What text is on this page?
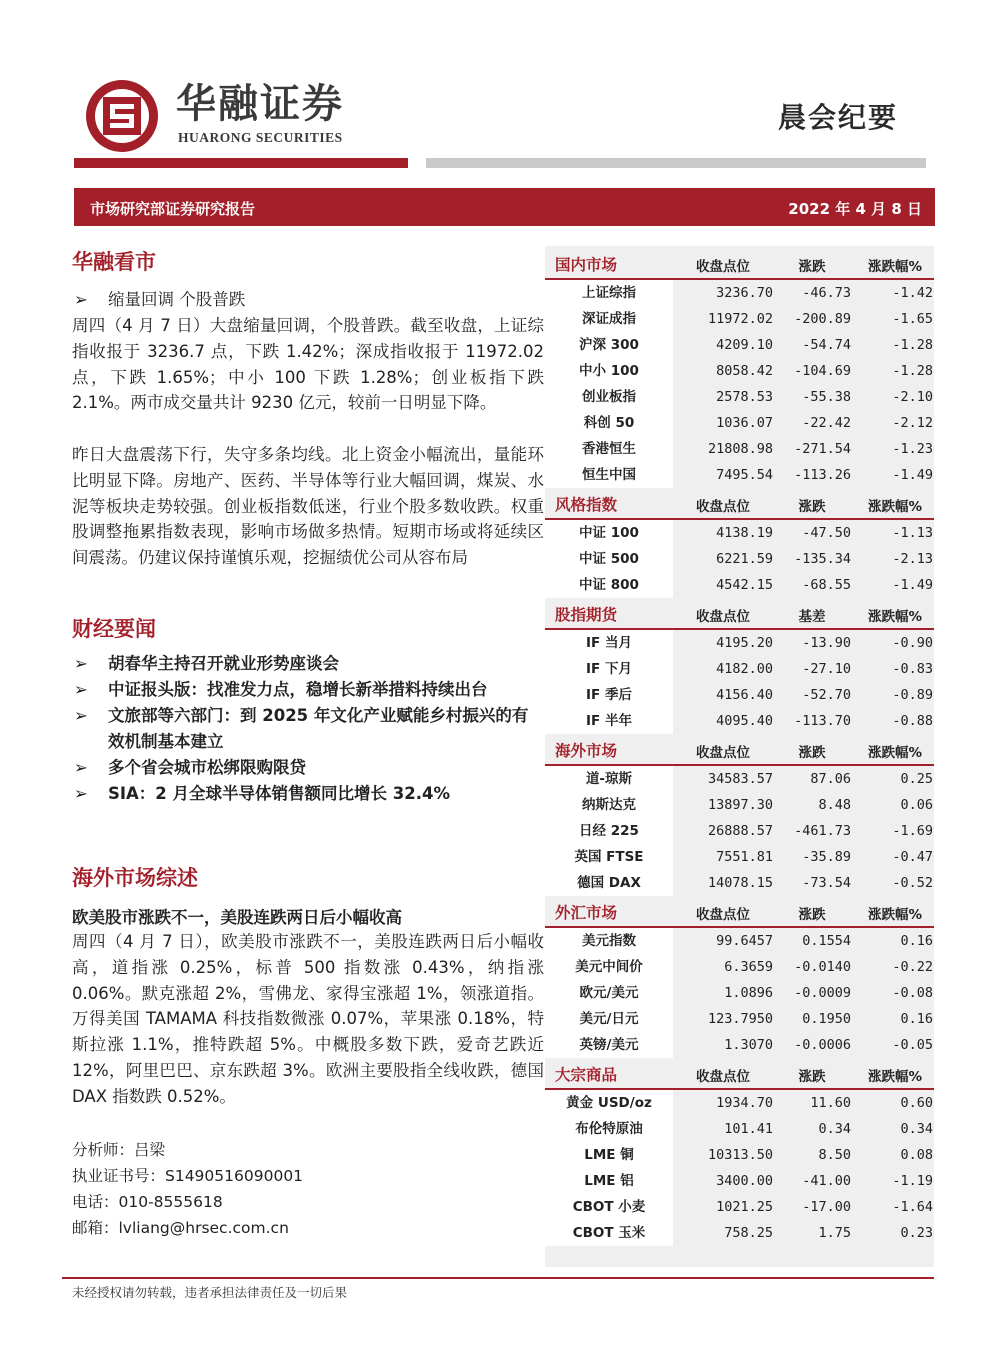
华融证券
HUARONG SECURITIES
晨会纪要
市场研究部证券研究报告	2022 年 4 月 8 日
华融看市
➢ 缩量回调 个股普跌

周四（4 月 7 日）大盘缩量回调，个股普跌。截至收盘，上证综指收报于 3236.7 点，下跌 1.42%；深成指收报于 11972.02 点，下跌 1.65%；中小 100 下跌 1.28%；创业板指下跌 2.1%。两市成交量共计 9230 亿元，较前一日明显下降。

昨日大盘震荡下行，失守多条均线。北上资金小幅流出，量能环比明显下降。房地产、医药、半导体等行业大幅回调，煤炭、水泥等板块走势较强。创业板指数低迷，行业个股多数收跌。权重股调整拖累指数表现，影响市场做多热情。短期市场或将延续区间震荡。仍建议保持谨慎乐观，挖掘绩优公司从容布局

财经要闻
➢ 胡春华主持召开就业形势座谈会
➢ 中证报头版：找准发力点，稳增长新举措料持续出台
➢ 文旅部等六部门：到 2025 年文化产业赋能乡村振兴的有效机制基本建立
➢ 多个省会城市松绑限购限贷
➢ SIA：2 月全球半导体销售额同比增长 32.4%
海外市场综述
欧美股市涨跌不一，美股连跌两日后小幅收高

周四（4 月 7 日），欧美股市涨跌不一，美股连跌两日后小幅收高，道指涨 0.25%，标普 500 指数涨 0.43%，纳指涨 0.06%。默克涨超 2%，雪佛龙、家得宝涨超 1%，领涨道指。万得美国 TAMAMA 科技指数微涨 0.07%，苹果涨 0.18%，特斯拉涨 1.1%，推特跌超 5%。中概股多数下跌，爱奇艺跌近 12%，阿里巴巴、京东跌超 3%。欧洲主要股指全线收跌，德国 DAX 指数跌 0.52%。

分析师：吕梁
执业证书号：S1490516090001
电话：010-8555618
邮箱：lvliang@hrsec.com.cn
国内市场	收盘点位	涨跌	涨跌幅%
上证综指	3236.70	-46.73	-1.42
深证成指	11972.02	-200.89	-1.65
沪深 300	4209.10	-54.74	-1.28
中小 100	8058.42	-104.69	-1.28
创业板指	2578.53	-55.38	-2.10
科创 50	1036.07	-22.42	-2.12
香港恒生	21808.98	-271.54	-1.23
恒生中国	7495.54	-113.26	-1.49
风格指数	收盘点位	涨跌	涨跌幅%
中证 100	4138.19	-47.50	-1.13
中证 500	6221.59	-135.34	-2.13
中证 800	4542.15	-68.55	-1.49
股指期货	收盘点位	基差	涨跌幅%
IF 当月	4195.20	-13.90	-0.90
IF 下月	4182.00	-27.10	-0.83
IF 季后	4156.40	-52.70	-0.89
IF 半年	4095.40	-113.70	-0.88
海外市场	收盘点位	涨跌	涨跌幅%
道-琼斯	34583.57	87.06	0.25
纳斯达克	13897.30	8.48	0.06
日经 225	26888.57	-461.73	-1.69
英国 FTSE	7551.81	-35.89	-0.47
德国 DAX	14078.15	-73.54	-0.52
外汇市场	收盘点位	涨跌	涨跌幅%
美元指数	99.6457	0.1554	0.16
美元中间价	6.3659	-0.0140	-0.22
欧元/美元	1.0896	-0.0009	-0.08
美元/日元	123.7950	0.1950	0.16
英镑/美元	1.3070	-0.0006	-0.05
大宗商品	收盘点位	涨跌	涨跌幅%
黄金 USD/oz	1934.70	11.60	0.60
布伦特原油	101.41	0.34	0.34
LME 铜	10313.50	8.50	0.08
LME 铝	3400.00	-41.00	-1.19
CBOT 小麦	1021.25	-17.00	-1.64
CBOT 玉米	758.25	1.75	0.23
未经授权请勿转载，违者承担法律责任及一切后果
